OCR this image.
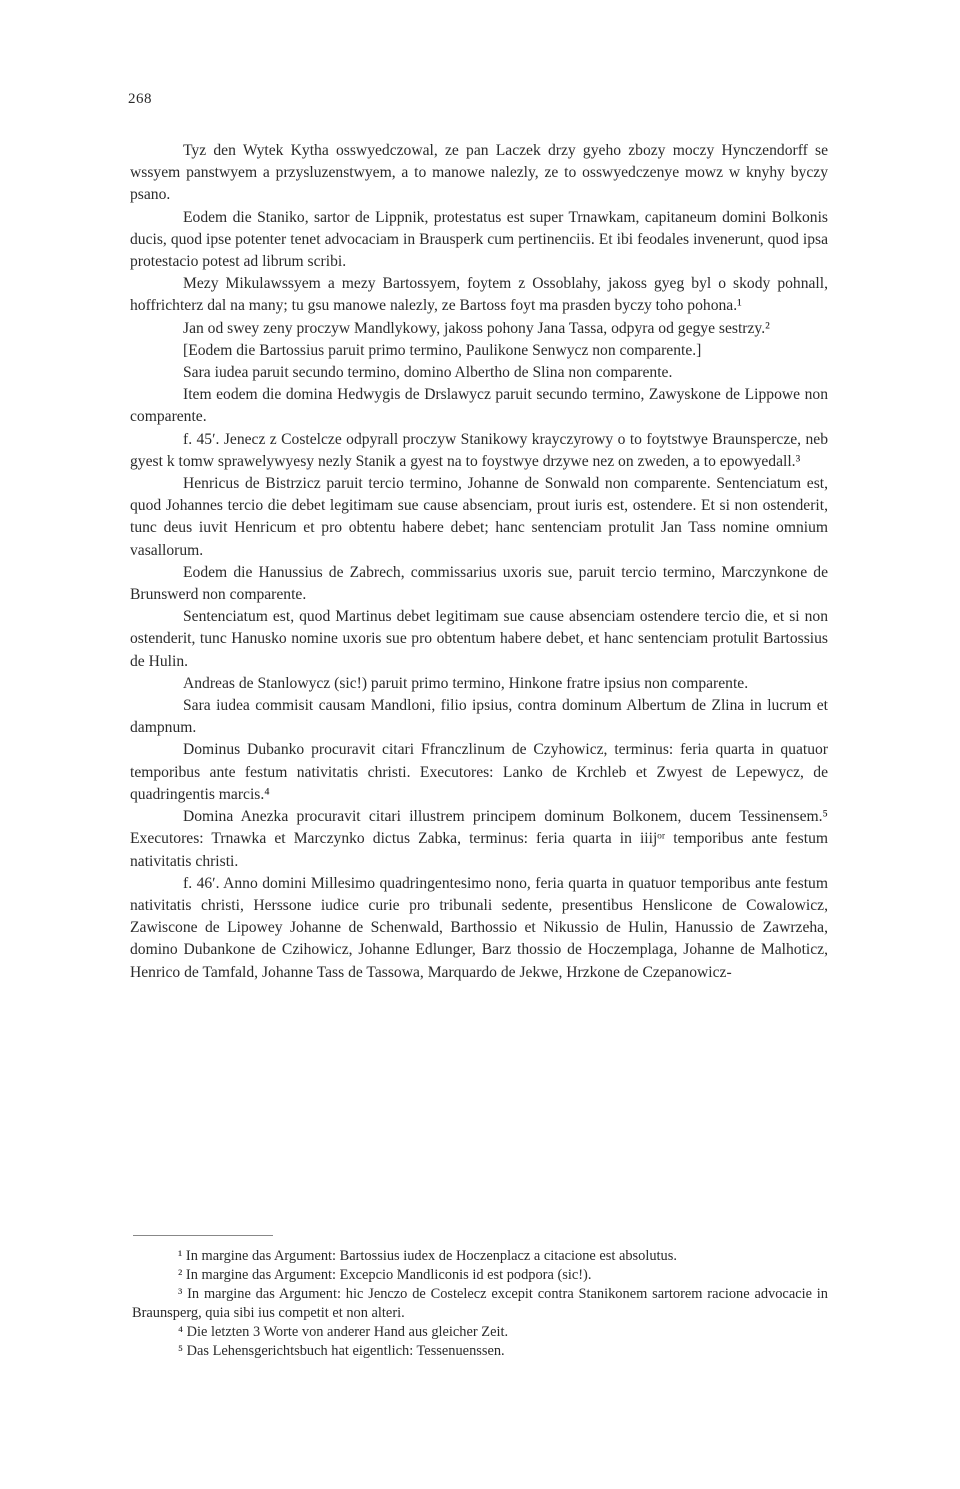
268

Tyz den Wytek Kytha osswyedczowal, ze pan Laczek drzy gyeho zbozy moczy Hynczendorff se wssyem panstwyem a przysluzenstwyem, a to manowe nalezly, ze to osswyedczenye mowz w knyhy byczy psano.

Eodem die Staniko, sartor de Lippnik, protestatus est super Trnawkam, capitaneum domini Bolkonis ducis, quod ipse potenter tenet advocaciam in Brausperk cum pertinenciis. Et ibi feodales invenerunt, quod ipsa protestacio potest ad librum scribi.

Mezy Mikulawssyem a mezy Bartossyem, foytem z Ossoblahy, jakoss gyeg byl o skody pohnall, hoffrichterz dal na many; tu gsu manowe nalezly, ze Bartoss foyt ma prasden byczy toho pohona.¹

Jan od swey zeny proczyw Mandlykowy, jakoss pohony Jana Tassa, odpyra od gegye sestrzy.²

[Eodem die Bartossius paruit primo termino, Paulikone Senwycz non comparente.]

Sara iudea paruit secundo termino, domino Albertho de Slina non comparente.

Item eodem die domina Hedwygis de Drslawycz paruit secundo termino, Zawyskone de Lippowe non comparente.

f. 45ʹ. Jenecz z Costelcze odpyrall proczyw Stanikowy krayczyrowy o to foytstwye Braunspercze, neb gyest k tomw sprawelywyesy nezly Stanik a gyest na to foystwye drzywe nez on zweden, a to epowyedall.³

Henricus de Bistrzicz paruit tercio termino, Johanne de Sonwald non comparente. Sentenciatum est, quod Johannes tercio die debet legitimam sue cause absenciam, prout iuris est, ostendere. Et si non ostenderit, tunc deus iuvit Henricum et pro obtentu habere debet; hanc sentenciam protulit Jan Tass nomine omnium vasallorum.

Eodem die Hanussius de Zabrech, commissarius uxoris sue, paruit tercio termino, Marczynkone de Brunswerd non comparente.

Sentenciatum est, quod Martinus debet legitimam sue cause absenciam ostendere tercio die, et si non ostenderit, tunc Hanusko nomine uxoris sue pro obtentum habere debet, et hanc sentenciam protulit Bartossius de Hulin.

Andreas de Stanlowycz (sic!) paruit primo termino, Hinkone fratre ipsius non comparente.

Sara iudea commisit causam Mandloni, filio ipsius, contra dominum Albertum de Zlina in lucrum et dampnum.

Dominus Dubanko procuravit citari Ffranczlinum de Czyhowicz, terminus: feria quarta in quatuor temporibus ante festum nativitatis christi. Executores: Lanko de Krchleb et Zwyest de Lepewycz, de quadringentis marcis.⁴

Domina Anezka procuravit citari illustrem principem dominum Bolkonem, ducem Tessinensem.⁵ Executores: Trnawka et Marczynko dictus Zabka, terminus: feria quarta in iiijᵒʳ temporibus ante festum nativitatis christi.

f. 46ʹ. Anno domini Millesimo quadringentesimo nono, feria quarta in quatuor temporibus ante festum nativitatis christi, Herssone iudice curie pro tribunali sedente, presentibus Henslicone de Cowalowicz, Zawiscone de Lipowey Johanne de Schenwald, Barthossio et Nikussio de Hulin, Hanussio de Zawrzeha, domino Dubankone de Czihowicz, Johanne Edlunger, Barz thossio de Hoczemplaga, Johanne de Malhoticz, Henrico de Tamfald, Johanne Tass de Tassowa, Marquardo de Jekwe, Hrzkone de Czepanowicz-

¹ In margine das Argument: Bartossius iudex de Hoczenplacz a citacione est absolutus.

² In margine das Argument: Excepcio Mandliconis id est podpora (sic!).

³ In margine das Argument: hic Jenczo de Costelecz excepit contra Stanikonem sartorem racione advocacie in Braunsperg, quia sibi ius competit et non alteri.

⁴ Die letzten 3 Worte von anderer Hand aus gleicher Zeit.

⁵ Das Lehensgerichtsbuch hat eigentlich: Tessenuenssen.
